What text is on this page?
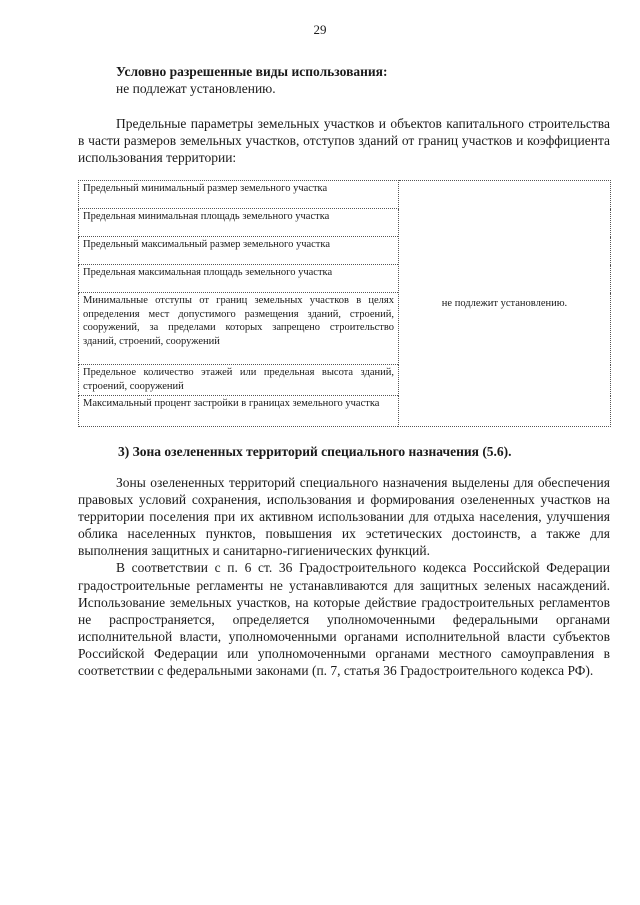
29
Условно разрешенные виды использования:
не подлежат установлению.
Предельные параметры земельных участков и объектов капитального строительства в части размеров земельных участков, отступов зданий от границ участков и коэффициента использования территории:
Предельный минимальный размер земельного участка	не подлежит установлению.
Предельная минимальная площадь земельного участка
Предельный максимальный размер земельного участка
Предельная максимальная площадь земельного участка
Минимальные отступы от границ земельных участков в целях определения мест допустимого размещения зданий, строений, сооружений, за пределами которых запрещено строительство зданий, строений, сооружений
Предельное количество этажей или предельная высота зданий, строений, сооружений
Максимальный процент застройки в границах земельного участка
3) Зона озелененных территорий специального назначения (5.6).

Зоны озелененных территорий специального назначения выделены для обеспечения правовых условий сохранения, использования и формирования озелененных участков на территории поселения при их активном использовании для отдыха населения, улучшения облика населенных пунктов, повышения их эстетических достоинств, а также для выполнения защитных и санитарно-гигиенических функций.

В соответствии с п. 6 ст. 36 Градостроительного кодекса Российской Федерации градостроительные регламенты не устанавливаются для защитных зеленых насаждений. Использование земельных участков, на которые действие градостроительных регламентов не распространяется, определяется уполномоченными федеральными органами исполнительной власти, уполномоченными органами исполнительной власти субъектов Российской Федерации или уполномоченными органами местного самоуправления в соответствии с федеральными законами (п. 7, статья 36 Градостроительного кодекса РФ).
